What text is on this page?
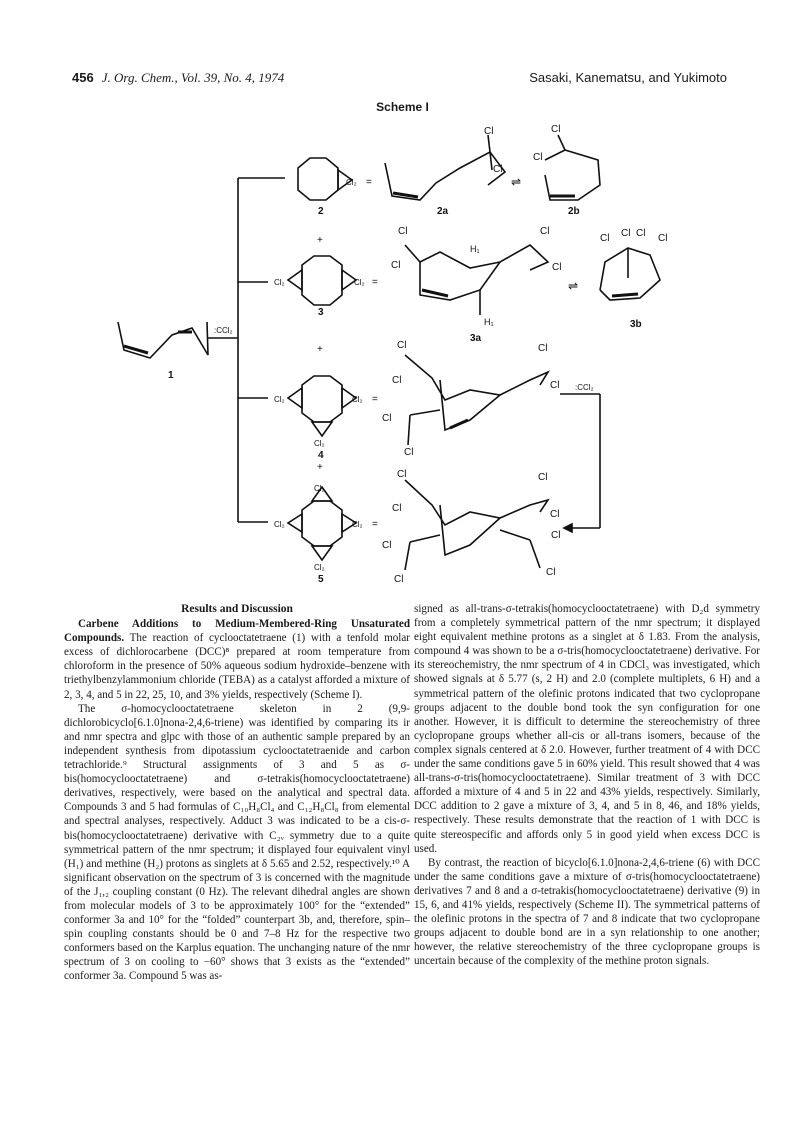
456 J. Org. Chem., Vol. 39, No. 4, 1974	Sasaki, Kanematsu, and Yukimoto
Scheme I
1
:CCl₂
Cl₂ =
2
Cl
Cl
2a
⇌
Cl
Cl
2b
+
Cl₂	Cl₂ =
3
Cl
Cl
Cl
Cl
H₁
H₁
3a
⇌
Cl Cl Cl Cl
3b
+
Cl₂	Cl₂
Cl₂
=
4
Cl
Cl
Cl
Cl
Cl
Cl
:CCl₂
+
Cl₂
Cl₂	Cl₂
Cl₂
=
5
Cl
Cl
Cl
Cl
Cl
Cl
Cl
Cl
Results and Discussion

Carbene Additions to Medium-Membered-Ring Unsaturated Compounds. The reaction of cyclooctatetraene (1) with a tenfold molar excess of dichlorocarbene (DCC)⁸ prepared at room temperature from chloroform in the presence of 50% aqueous sodium hydroxide–benzene with triethylbenzylammonium chloride (TEBA) as a catalyst afforded a mixture of 2, 3, 4, and 5 in 22, 25, 10, and 3% yields, respectively (Scheme I).

The σ-homocyclooctatetraene skeleton in 2 (9,9-dichlorobicyclo[6.1.0]nona-2,4,6-triene) was identified by comparing its ir and nmr spectra and glpc with those of an authentic sample prepared by an independent synthesis from dipotassium cyclooctatetraenide and carbon tetrachloride.⁹ Structural assignments of 3 and 5 as σ-bis(homocyclooctatetraene) and σ-tetrakis(homocyclooctatetraene) derivatives, respectively, were based on the analytical and spectral data. Compounds 3 and 5 had formulas of C₁₀H₈Cl₄ and C₁₂H₈Cl₈ from elemental and spectral analyses, respectively. Adduct 3 was indicated to be a cis-σ-bis(homocyclooctatetraene) derivative with C₂ᵥ symmetry due to a quite symmetrical pattern of the nmr spectrum; it displayed four equivalent vinyl (H₁) and methine (H₂) protons as singlets at δ 5.65 and 2.52, respectively.¹⁰ A significant observation on the spectrum of 3 is concerned with the magnitude of the J₁,₂ coupling constant (0 Hz). The relevant dihedral angles are shown from molecular models of 3 to be approximately 100° for the “extended” conformer 3a and 10° for the “folded” counterpart 3b, and, therefore, spin–spin coupling constants should be 0 and 7–8 Hz for the respective two conformers based on the Karplus equation. The unchanging nature of the nmr spectrum of 3 on cooling to −60° shows that 3 exists as the “extended” conformer 3a. Compound 5 was as-

signed as all-trans-σ-tetrakis(homocyclooctatetraene) with D₂d symmetry from a completely symmetrical pattern of the nmr spectrum; it displayed eight equivalent methine protons as a singlet at δ 1.83. From the analysis, compound 4 was shown to be a σ-tris(homocyclooctatetraene) derivative. For its stereochemistry, the nmr spectrum of 4 in CDCl₃ was investigated, which showed signals at δ 5.77 (s, 2 H) and 2.0 (complete multiplets, 6 H) and a symmetrical pattern of the olefinic protons indicated that two cyclopropane groups adjacent to the double bond took the syn configuration for one another. However, it is difficult to determine the stereochemistry of three cyclopropane groups whether all-cis or all-trans isomers, because of the complex signals centered at δ 2.0. However, further treatment of 4 with DCC under the same conditions gave 5 in 60% yield. This result showed that 4 was all-trans-σ-tris(homocyclooctatetraene). Similar treatment of 3 with DCC afforded a mixture of 4 and 5 in 22 and 43% yields, respectively. Similarly, DCC addition to 2 gave a mixture of 3, 4, and 5 in 8, 46, and 18% yields, respectively. These results demonstrate that the reaction of 1 with DCC is quite stereospecific and affords only 5 in good yield when excess DCC is used.

By contrast, the reaction of bicyclo[6.1.0]nona-2,4,6-triene (6) with DCC under the same conditions gave a mixture of σ-tris(homocyclooctatetraene) derivatives 7 and 8 and a σ-tetrakis(homocyclooctatetraene) derivative (9) in 15, 6, and 41% yields, respectively (Scheme II). The symmetrical patterns of the olefinic protons in the spectra of 7 and 8 indicate that two cyclopropane groups adjacent to double bond are in a syn relationship to one another; however, the relative stereochemistry of the three cyclopropane groups is uncertain because of the complexity of the methine proton signals.
